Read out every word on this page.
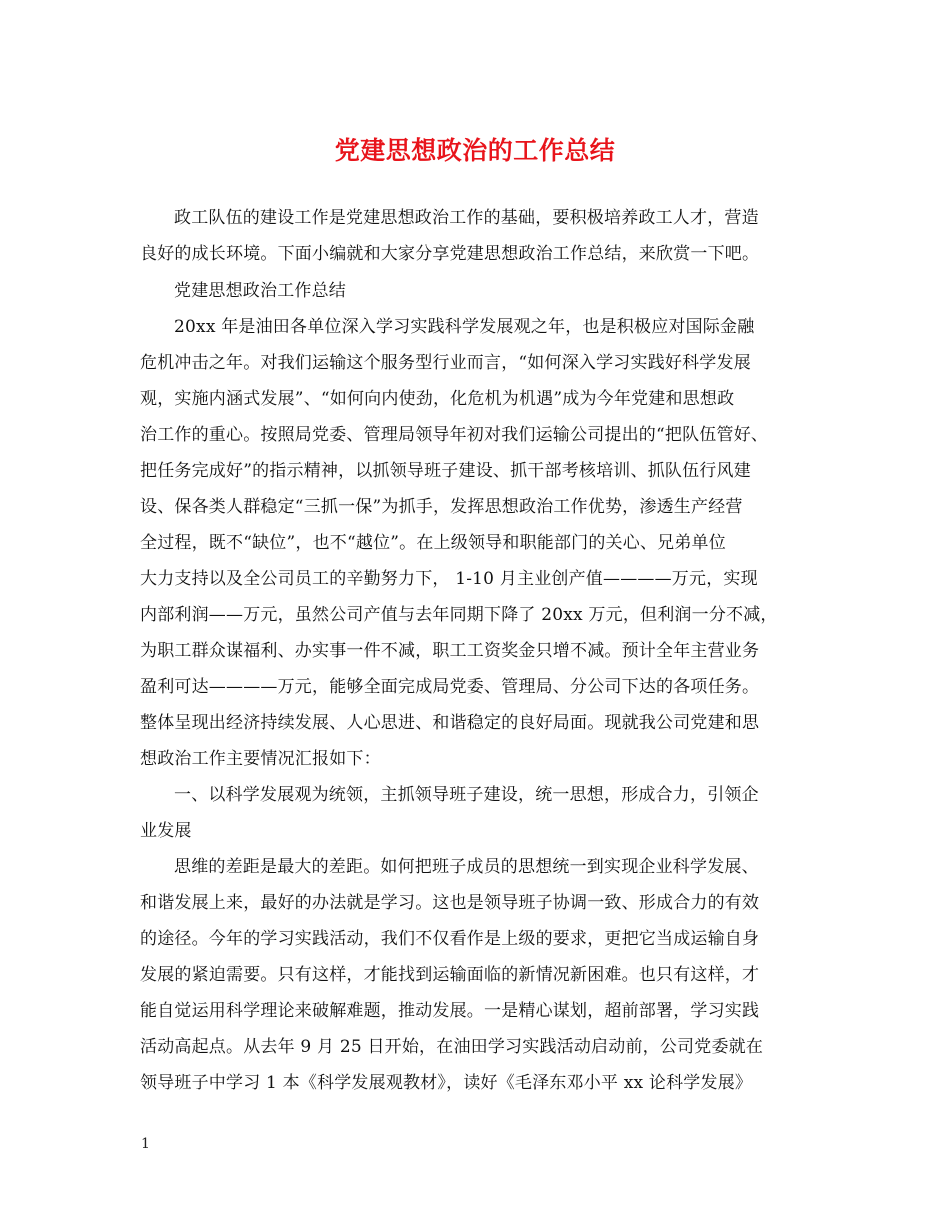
党建思想政治的工作总结
政工队伍的建设工作是党建思想政治工作的基础，要积极培养政工人才，营造
良好的成长环境。下面小编就和大家分享党建思想政治工作总结，来欣赏一下吧。
党建思想政治工作总结
20xx 年是油田各单位深入学习实践科学发展观之年，也是积极应对国际金融
危机冲击之年。对我们运输这个服务型行业而言，“如何深入学习实践好科学发展
观，实施内涵式发展”、“如何向内使劲，化危机为机遇”成为今年党建和思想政
治工作的重心。按照局党委、管理局领导年初对我们运输公司提出的“把队伍管好、
把任务完成好”的指示精神，以抓领导班子建设、抓干部考核培训、抓队伍行风建
设、保各类人群稳定“三抓一保”为抓手，发挥思想政治工作优势，渗透生产经营
全过程，既不“缺位”，也不“越位”。在上级领导和职能部门的关心、兄弟单位
大力支持以及全公司员工的辛勤努力下， 1-10 月主业创产值————万元，实现
内部利润——万元，虽然公司产值与去年同期下降了 20xx 万元，但利润一分不减，
为职工群众谋福利、办实事一件不减，职工工资奖金只增不减。预计全年主营业务
盈利可达————万元，能够全面完成局党委、管理局、分公司下达的各项任务。
整体呈现出经济持续发展、人心思进、和谐稳定的良好局面。现就我公司党建和思
想政治工作主要情况汇报如下：
一、以科学发展观为统领，主抓领导班子建设，统一思想，形成合力，引领企
业发展
思维的差距是最大的差距。如何把班子成员的思想统一到实现企业科学发展、
和谐发展上来，最好的办法就是学习。这也是领导班子协调一致、形成合力的有效
的途径。今年的学习实践活动，我们不仅看作是上级的要求，更把它当成运输自身
发展的紧迫需要。只有这样，才能找到运输面临的新情况新困难。也只有这样，才
能自觉运用科学理论来破解难题，推动发展。一是精心谋划，超前部署，学习实践
活动高起点。从去年 9 月 25 日开始，在油田学习实践活动启动前，公司党委就在
领导班子中学习 1 本《科学发展观教材》，读好《毛泽东邓小平 xx 论科学发展》
1
